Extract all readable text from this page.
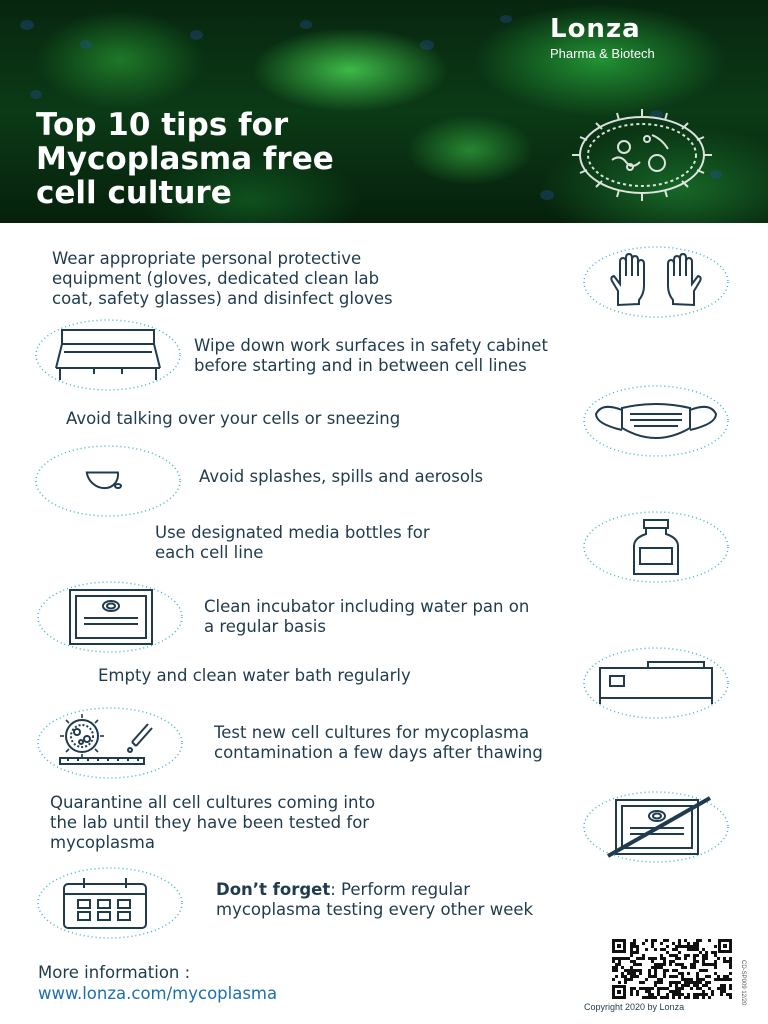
Lonza
Pharma & Biotech
Top 10 tips for
Mycoplasma free
cell culture
Wear appropriate personal protective
equipment (gloves, dedicated clean lab
coat, safety glasses) and disinfect gloves
Wipe down work surfaces in safety cabinet
before starting and in between cell lines
Avoid talking over your cells or sneezing
Avoid splashes, spills and aerosols
Use designated media bottles for
each cell line
Clean incubator including water pan on
a regular basis
Empty and clean water bath regularly
Test new cell cultures for mycoplasma
contamination a few days after thawing
Quarantine all cell cultures coming into
the lab until they have been tested for
mycoplasma
Don’t forget: Perform regular
mycoplasma testing every other week
More information :
www.lonza.com/mycoplasma
Copyright 2020 by Lonza
CD-SP009 12/20
